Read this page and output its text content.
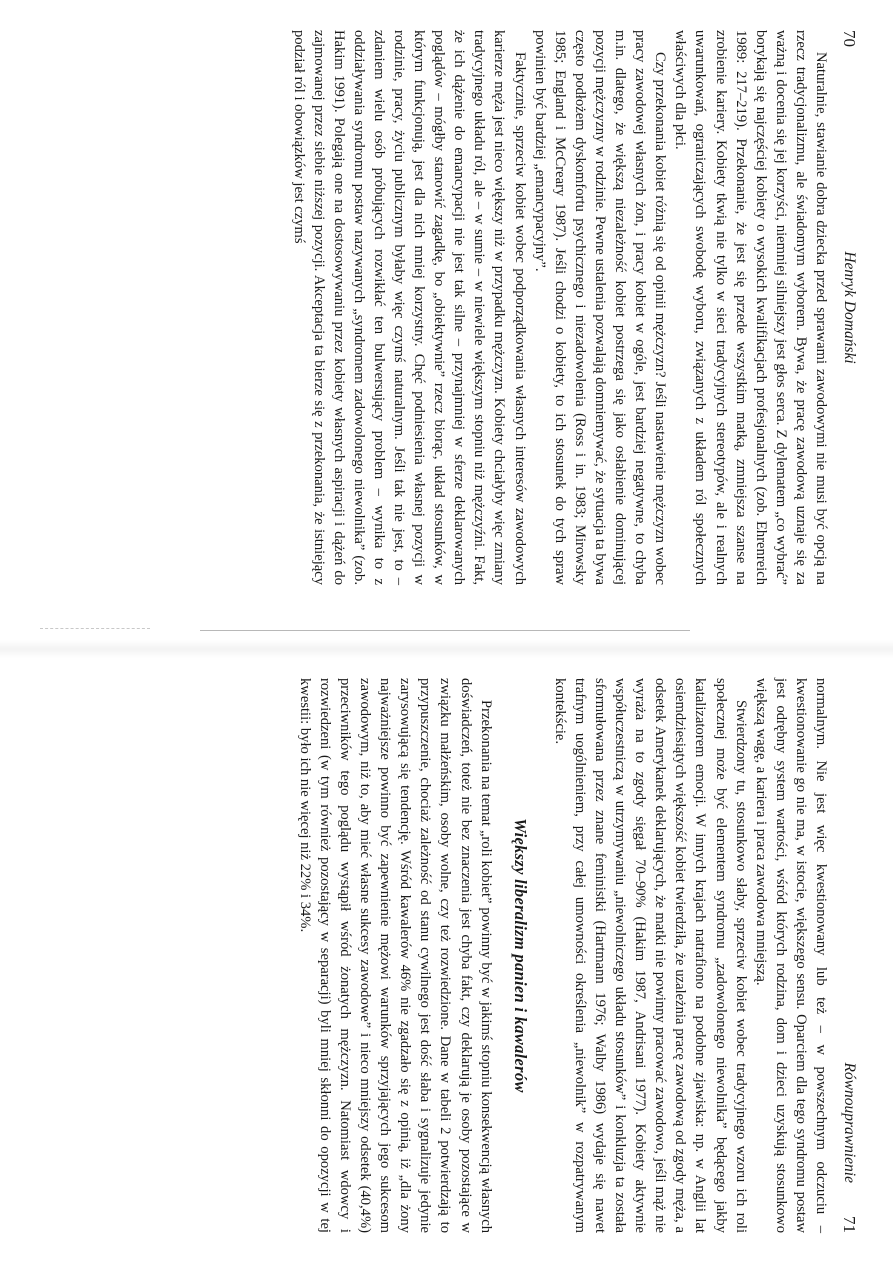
70
Henryk Domański

Naturalnie, stawianie dobra dziecka przed sprawami zawodowymi nie musi być opcją na rzecz tradycjonalizmu, ale świadomym wyborem. Bywa, że pracę zawodową uznaje się za ważną i docenia się jej korzyści, niemniej silniejszy jest głos serca. Z dylematem „co wybrać” borykają się najczęściej kobiety o wysokich kwalifikacjach profesjonalnych (zob. Ehrenreich 1989: 217–219). Przekonanie, że jest się przede wszystkim matką, zmniejsza szanse na zrobienie kariery. Kobiety tkwią nie tylko w sieci tradycyjnych stereotypów, ale i realnych uwarunkowań, ograniczających swobodę wyboru, związanych z układem ról społecznych właściwych dla płci.

Czy przekonania kobiet różnią się od opinii mężczyzn? Jeśli nastawienie mężczyzn wobec pracy zawodowej własnych żon, i pracy kobiet w ogóle, jest bardziej negatywne, to chyba m.in. dlatego, że większą niezależność kobiet postrzega się jako osłabienie dominującej pozycji mężczyzny w rodzinie. Pewne ustalenia pozwalają domniemywać, że sytuacja ta bywa często podłożem dyskomfortu psychicznego i niezadowolenia (Ross i in. 1983; Mirowsky 1985; England i McCreary 1987). Jeśli chodzi o kobiety, to ich stosunek do tych spraw powinien być bardziej „emancypacyjny”.

Faktycznie, sprzeciw kobiet wobec podporządkowania własnych interesów zawodowych karierze męża jest nieco większy niż w przypadku mężczyzn. Kobiety chciałyby więc zmiany tradycyjnego układu ról, ale – w sumie – w niewiele większym stopniu niż mężczyźni. Fakt, że ich dążenie do emancypacji nie jest tak silne – przynajmniej w sferze deklarowanych poglądów – mógłby stanowić zagadkę, bo „obiektywnie” rzecz biorąc, układ stosunków, w którym funkcjonują, jest dla nich mniej korzystny. Chęć podniesienia własnej pozycji w rodzinie, pracy, życiu publicznym byłaby więc czymś naturalnym. Jeśli tak nie jest, to – zdaniem wielu osób próbujących rozwikłać ten bulwersujący problem – wynika to z oddziaływania syndromu postaw nazywanych „syndromem zadowolonego niewolnika” (zob. Hakim 1991). Polegają one na dostosowywaniu przez kobiety własnych aspiracji i dążeń do zajmowanej przez siebie niższej pozycji. Akceptacja ta bierze się z przekonania, że istniejący podział ról i obowiązków jest czymś

Równouprawnienie
71

normalnym. Nie jest więc kwestionowany lub też – w powszechnym odczuciu – kwestionowanie go nie ma, w istocie, większego sensu. Oparciem dla tego syndromu postaw jest odrębny system wartości, wśród których rodzina, dom i dzieci uzyskują stosunkowo większą wagę, a kariera i praca zawodowa mniejszą.

Stwierdzony tu, stosunkowo słaby, sprzeciw kobiet wobec tradycyjnego wzoru ich roli społecznej może być elementem syndromu „zadowolonego niewolnika” będącego jakby katalizatorem emocji. W innych krajach natrafiono na podobne zjawiska: np. w Anglii lat osiemdziesiątych większość kobiet twierdziła, że uzależnia pracę zawodową od zgody męża, a odsetek Amerykanek deklarujących, że matki nie powinny pracować zawodowo, jeśli mąż nie wyraża na to zgody sięgał 70–90% (Hakim 1987, Andrisani 1977). Kobiety aktywnie współuczestniczą w utrzymywaniu „niewolniczego układu stosunków” i konkluzja ta została sformułowana przez znane feministki (Hartmann 1976; Walby 1986) wydaje się nawet trafnym uogólnieniem, przy całej umowności określenia „niewolnik” w rozpatrywanym kontekście.

Większy liberalizm panien i kawalerów

Przekonania na temat „roli kobiet” powinny być w jakimś stopniu konsekwencją własnych doświadczeń, toteż nie bez znaczenia jest chyba fakt, czy deklarują je osoby pozostające w związku małżeńskim, osoby wolne, czy też rozwiedzione. Dane w tabeli 2 potwierdzają to przypuszczenie, chociaż zależność od stanu cywilnego jest dość słaba i sygnalizuje jedynie zarysowującą się tendencję. Wśród kawalerów 46% nie zgadzało się z opinią, iż „dla żony najważniejsze powinno być zapewnienie mężowi warunków sprzyjających jego sukcesom zawodowym, niż to, aby mieć własne sukcesy zawodowe” i nieco mniejszy odsetek (40,4%) przeciwników tego poglądu wystąpił wśród żonatych mężczyzn. Natomiast wdowcy i rozwiedzeni (w tym również pozostający w separacji) byli mniej skłonni do opozycji w tej kwestii: było ich nie więcej niż 22% i 34%.
